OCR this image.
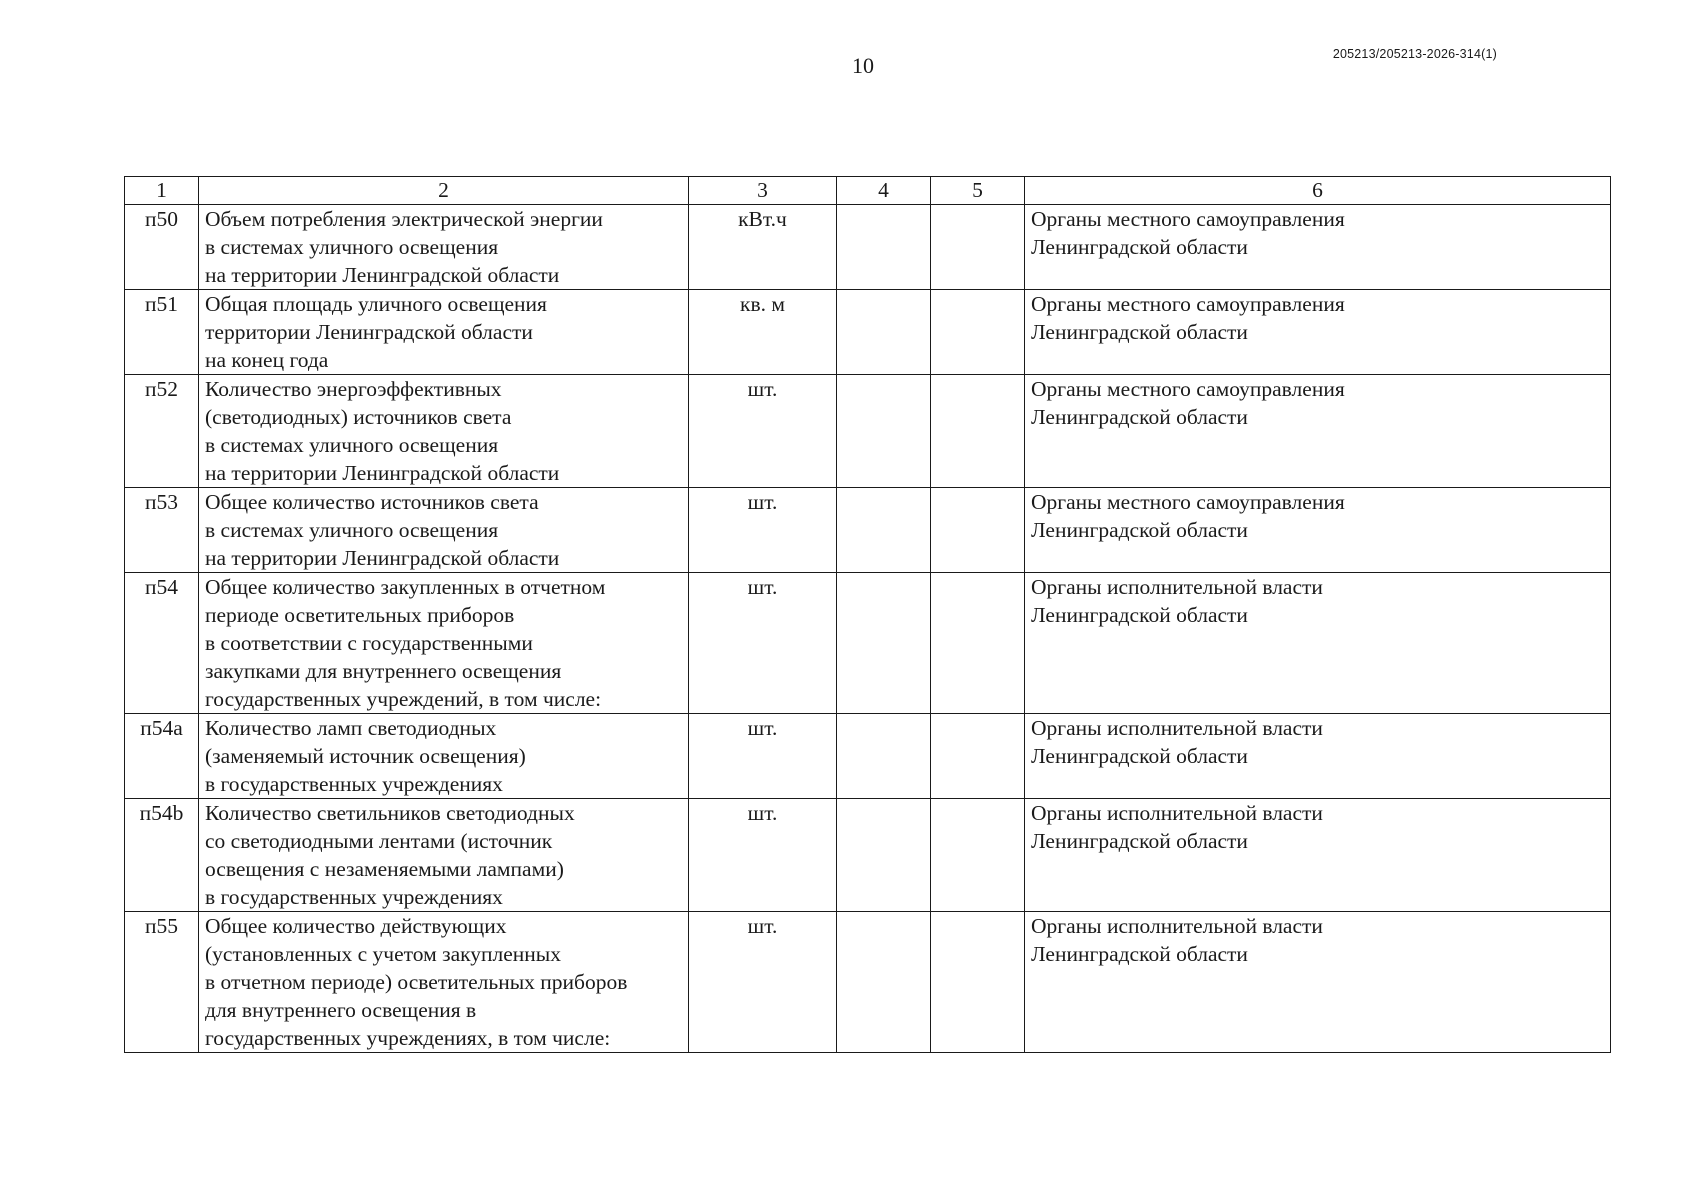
10	205213/205213-2026-314(1)
1	2	3	4	5	6
п50	Объем потребления электрической энергии
в системах уличного освещения
на территории Ленинградской области	кВт.ч			Органы местного самоуправления
Ленинградской области
п51	Общая площадь уличного освещения
территории Ленинградской области
на конец года	кв. м			Органы местного самоуправления
Ленинградской области
п52	Количество энергоэффективных
(светодиодных) источников света
в системах уличного освещения
на территории Ленинградской области	шт.			Органы местного самоуправления
Ленинградской области
п53	Общее количество источников света
в системах уличного освещения
на территории Ленинградской области	шт.			Органы местного самоуправления
Ленинградской области
п54	Общее количество закупленных в отчетном
периоде осветительных приборов
в соответствии с государственными
закупками для внутреннего освещения
государственных учреждений, в том числе:	шт.			Органы исполнительной власти
Ленинградской области
п54a	Количество ламп светодиодных
(заменяемый источник освещения)
в государственных учреждениях	шт.			Органы исполнительной власти
Ленинградской области
п54b	Количество светильников светодиодных
со светодиодными лентами (источник
освещения с незаменяемыми лампами)
в государственных учреждениях	шт.			Органы исполнительной власти
Ленинградской области
п55	Общее количество действующих
(установленных с учетом закупленных
в отчетном периоде) осветительных приборов
для внутреннего освещения в
государственных учреждениях, в том числе:	шт.			Органы исполнительной власти
Ленинградской области
